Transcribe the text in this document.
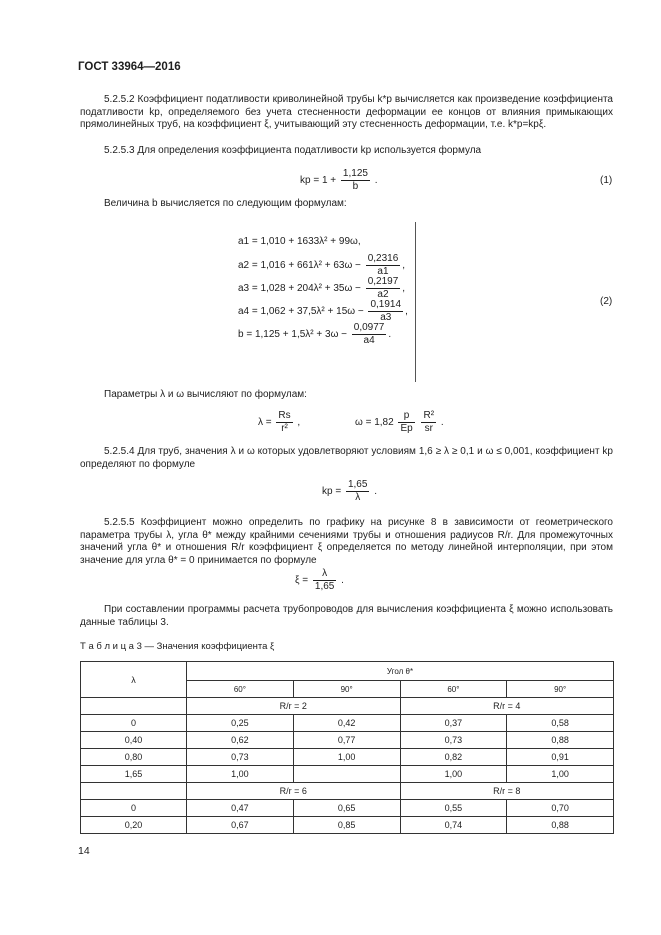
ГОСТ 33964—2016
5.2.5.2 Коэффициент податливости криволинейной трубы k*p вычисляется как произведение коэффициента податливости kp, определяемого без учета стесненности деформации ее концов от влияния примыкающих прямолинейных труб, на коэффициент ξ, учитывающий эту стесненность деформации, т.е. k*p=kpξ.
5.2.5.3 Для определения коэффициента податливости kp используется формула
kp = $1 + \frac{1,125}{b}$ .	(1)
Величина b вычисляется по следующим формулам:
a1 = 1,010 + 1633λ² + 99ω,
$a2 = 1,016 + 661\lambda^2 + 63\omega - \frac{0,2316}{a1}$ ,
$a3 = 1,028 + 204\lambda^2 + 35\omega - \frac{0,2197}{a2}$ ,
$a4 = 1,062 + 37,5\lambda^2 + 15\omega - \frac{0,1914}{a3}$ ,
$b = 1,125 + 1,5\lambda^2 + 3\omega - \frac{0,0977}{a4}$ .
(2)
Параметры λ и ω вычисляют по формулам:
$\lambda = \frac{Rs}{\text{r²}}$ ,	$\omega = 1,82 \frac{p}{Ep}$
$\frac{\text{R²}}{sr}$ .
5.2.5.4 Для труб, значения λ и ω которых удовлетворяют условиям 1,6 ≥ λ ≥ 0,1 и ω ≤ 0,001, коэффициент kp определяют по формуле
kp = $\frac{1,65}{\lambda}$ .
5.2.5.5 Коэффициент можно определить по графику на рисунке 8 в зависимости от геометрического параметра трубы λ, угла θ* между крайними сечениями трубы и отношения радиусов R/r. Для промежуточных значений угла θ* и отношения R/r коэффициент ξ определяется по методу линейной интерполяции, при этом значение для угла θ* = 0 принимается по формуле
$\xi = \frac{\lambda}{1,65}$ .
При составлении программы расчета трубопроводов для вычисления коэффициента ξ можно использовать данные таблицы 3.
Т а б л и ц а 3 — Значения коэффициента ξ
λ	Угол θ*			
	60°	90°	60°	90°
	R/r = 2		R/r = 4	
0	0,25	0,42	0,37	0,58
0,40	0,62	0,77	0,73	0,88
0,80	0,73	1,00	0,82	0,91
1,65	1,00		1,00	1,00
	R/r = 6		R/r = 8	
0	0,47	0,65	0,55	0,70
0,20	0,67	0,85	0,74	0,88
14
